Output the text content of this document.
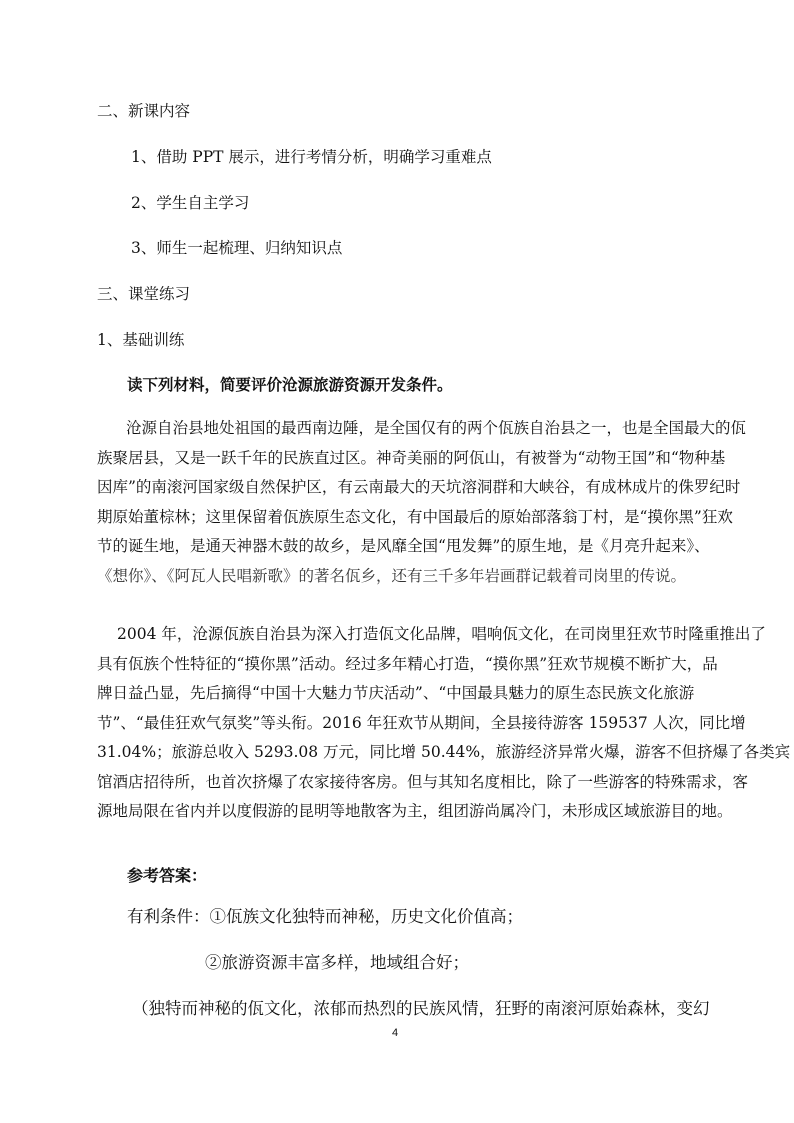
二、新课内容
1、借助 PPT 展示，进行考情分析，明确学习重难点
2、学生自主学习
3、师生一起梳理、归纳知识点
三、课堂练习
1、基础训练
读下列材料，简要评价沧源旅游资源开发条件。
沧源自治县地处祖国的最西南边陲，是全国仅有的两个佤族自治县之一，也是全国最大的佤
族聚居县，又是一跃千年的民族直过区。神奇美丽的阿佤山，有被誉为“动物王国”和“物种基
因库”的南滚河国家级自然保护区，有云南最大的天坑溶洞群和大峡谷，有成林成片的侏罗纪时
期原始董棕林；这里保留着佤族原生态文化，有中国最后的原始部落翁丁村，是“摸你黑”狂欢
节的诞生地，是通天神器木鼓的故乡，是风靡全国“甩发舞”的原生地，是《月亮升起来》、
《想你》、《阿瓦人民唱新歌》的著名佤乡，还有三千多年岩画群记载着司岗里的传说。
2004 年，沧源佤族自治县为深入打造佤文化品牌，唱响佤文化，在司岗里狂欢节时隆重推出了
具有佤族个性特征的“摸你黑”活动。经过多年精心打造，“摸你黑”狂欢节规模不断扩大，品
牌日益凸显，先后摘得“中国十大魅力节庆活动”、“中国最具魅力的原生态民族文化旅游
节”、“最佳狂欢气氛奖”等头衔。2016 年狂欢节从期间，全县接待游客 159537 人次，同比增
31.04%；旅游总收入 5293.08 万元，同比增 50.44%，旅游经济异常火爆，游客不但挤爆了各类宾
馆酒店招待所，也首次挤爆了农家接待客房。但与其知名度相比，除了一些游客的特殊需求，客
源地局限在省内并以度假游的昆明等地散客为主，组团游尚属冷门，未形成区域旅游目的地。
参考答案：
有利条件：①佤族文化独特而神秘，历史文化价值高；
②旅游资源丰富多样，地域组合好；
（独特而神秘的佤文化，浓郁而热烈的民族风情，狂野的南滚河原始森林，变幻
4
